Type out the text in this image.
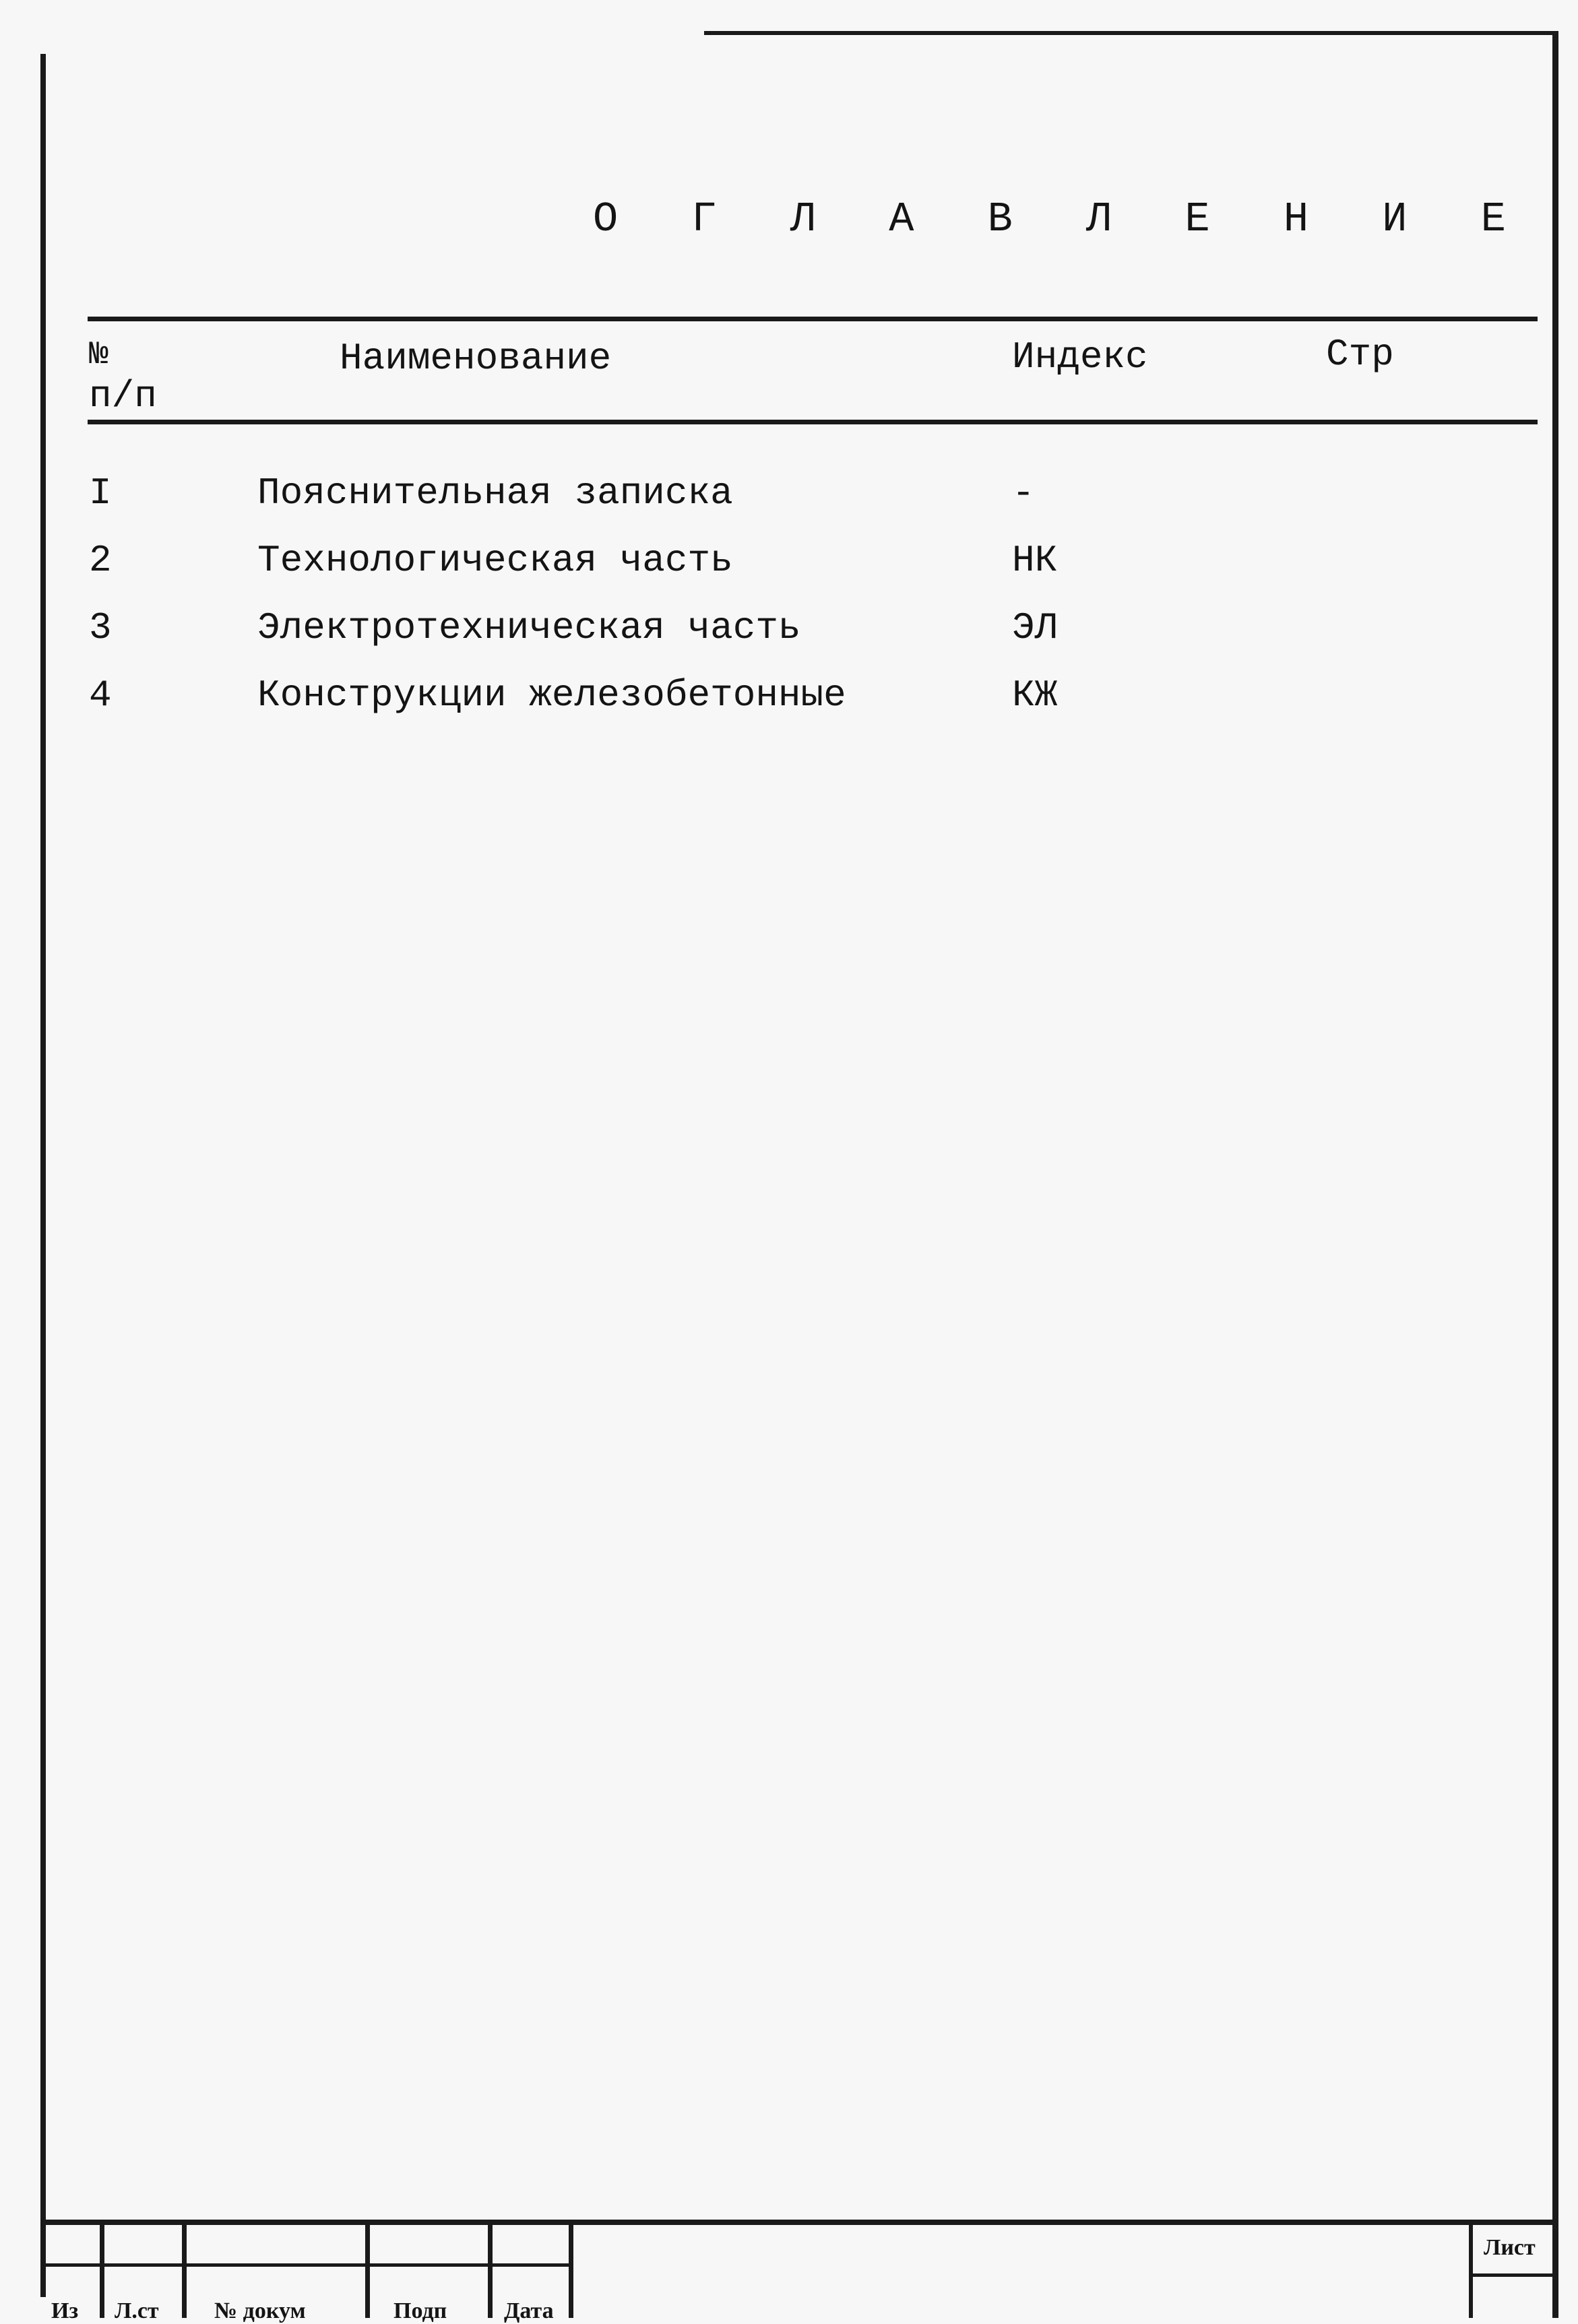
О Г Л А В Л Е Н И Е
№
п/п
Наименование	Индекс	Стр
I	Пояснительная записка	-
2	Технологическая часть	НК
3	Электротехническая часть	ЭЛ
4	Конструкции железобетонные	КЖ
Лист
Из Л.ст № докум	Подп Дата
